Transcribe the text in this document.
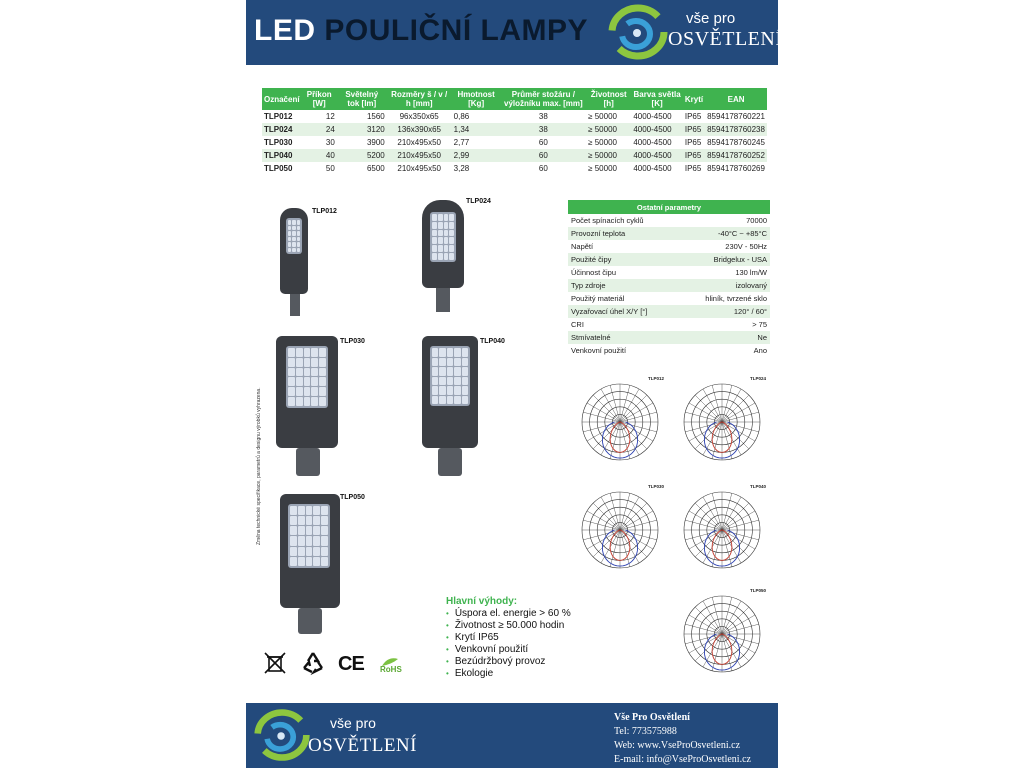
LED POULIČNÍ LAMPY	vše pro
OSVĚTLENÍ
Označení	Příkon [W]	Světelný tok [lm]	Rozměry š / v / h [mm]	Hmotnost [Kg]	Průměr stožáru / výložníku max. [mm]	Životnost [h]	Barva světla [K]	Krytí	EAN
TLP012	12	1560	96x350x65	0,86	38	≥ 50000	4000-4500	IP65	8594178760221
TLP024	24	3120	136x390x65	1,34	38	≥ 50000	4000-4500	IP65	8594178760238
TLP030	30	3900	210x495x50	2,77	60	≥ 50000	4000-4500	IP65	8594178760245
TLP040	40	5200	210x495x50	2,99	60	≥ 50000	4000-4500	IP65	8594178760252
TLP050	50	6500	210x495x50	3,28	60	≥ 50000	4000-4500	IP65	8594178760269
Ostatní parametry	
Počet spínacích cyklů	70000
Provozní teplota	-40°C ~ +85°C
Napětí	230V - 50Hz
Použité čipy	Bridgelux - USA
Účinnost čipu	130 lm/W
Typ zdroje	izolovaný
Použitý materiál	hliník, tvrzené sklo
Vyzařovací úhel X/Y [°]	120° / 60°
CRI	> 75
Stmívatelné	Ne
Venkovní použití	Ano
Změna technické specifikace, parametrů a designu výrobků vyhrazena.
TLP012
TLP024
TLP030	TLP040
TLP050
TLP012	TLP024
TLP030	TLP040
TLP050
Hlavní výhody:
• Úspora el. energie > 60 %
• Životnost ≥ 50.000 hodin
• Krytí IP65
• Venkovní použití
• Bezúdržbový provoz
• Ekologie
CE RoHS
vše pro
OSVĚTLENÍ
Vše Pro Osvětlení
Tel: 773575988
Web: www.VseProOsvetleni.cz
E-mail: info@VseProOsvetleni.cz
